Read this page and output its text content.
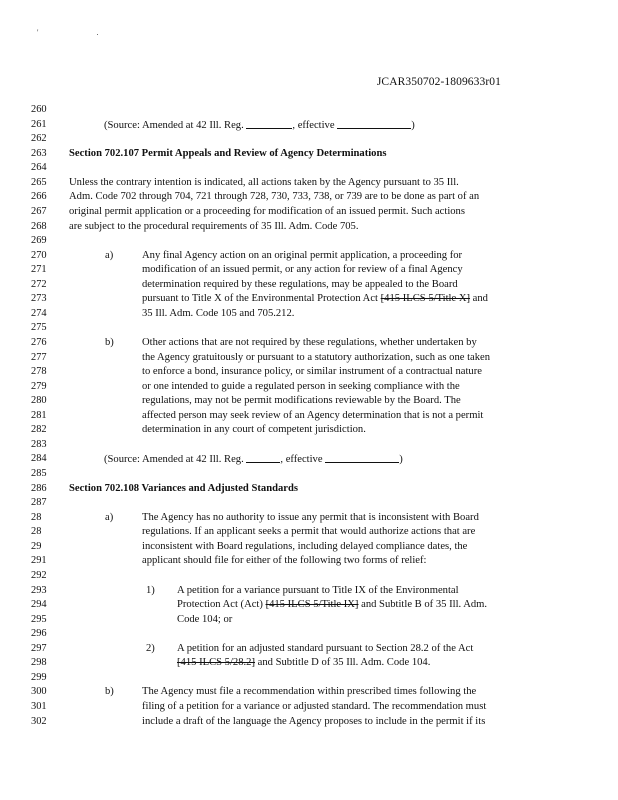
' .
JCAR350702-1809633r01
260
261	(Source: Amended at 42 Ill. Reg.	, effective	)
262
263	Section 702.107 Permit Appeals and Review of Agency Determinations
264
265	Unless the contrary intention is indicated, all actions taken by the Agency pursuant to 35 Ill.
266	Adm. Code 702 through 704, 721 through 728, 730, 733, 738, or 739 are to be done as part of an
267	original permit application or a proceeding for modification of an issued permit. Such actions
268	are subject to the procedural requirements of 35 Ill. Adm. Code 705.
269
270	a)	Any final Agency action on an original permit application, a proceeding for
271	modification of an issued permit, or any action for review of a final Agency
272	determination required by these regulations, may be appealed to the Board
273	pursuant to Title X of the Environmental Protection Act [415 ILCS 5/Title X] and
274	35 Ill. Adm. Code 105 and 705.212.
275
276	b)	Other actions that are not required by these regulations, whether undertaken by
277	the Agency gratuitously or pursuant to a statutory authorization, such as one taken
278	to enforce a bond, insurance policy, or similar instrument of a contractual nature
279	or one intended to guide a regulated person in seeking compliance with the
280	regulations, may not be permit modifications reviewable by the Board. The
281	affected person may seek review of an Agency determination that is not a permit
282	determination in any court of competent jurisdiction.
283
284	(Source: Amended at 42 Ill. Reg.	, effective	)
285
286	Section 702.108 Variances and Adjusted Standards
287
28	a)	The Agency has no authority to issue any permit that is inconsistent with Board
28	regulations. If an applicant seeks a permit that would authorize actions that are
29	inconsistent with Board regulations, including delayed compliance dates, the
291	applicant should file for either of the following two forms of relief:
292
293	1) A petition for a variance pursuant to Title IX of the Environmental
294	Protection Act (Act) [415 ILCS 5/Title IX] and Subtitle B of 35 Ill. Adm.
295	Code 104; or
296
297	2) A petition for an adjusted standard pursuant to Section 28.2 of the Act
298	[415 ILCS 5/28.2] and Subtitle D of 35 Ill. Adm. Code 104.
299
300	b)	The Agency must file a recommendation within prescribed times following the
301	filing of a petition for a variance or adjusted standard. The recommendation must
302	include a draft of the language the Agency proposes to include in the permit if its
